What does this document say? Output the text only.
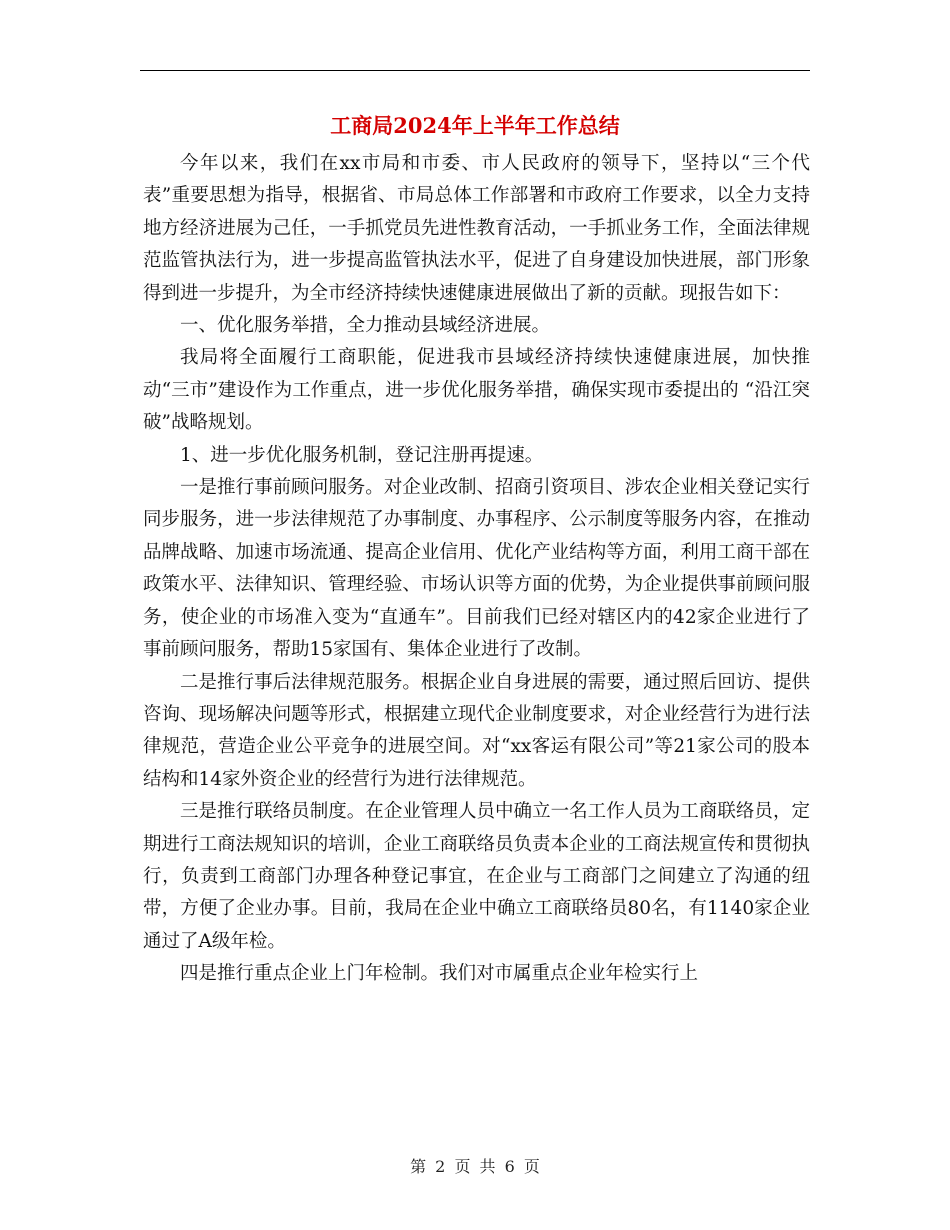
工商局2024年上半年工作总结

今年以来，我们在xx市局和市委、市人民政府的领导下，坚持以“三个代表”重要思想为指导，根据省、市局总体工作部署和市政府工作要求，以全力支持地方经济进展为己任，一手抓党员先进性教育活动，一手抓业务工作，全面法律规范监管执法行为，进一步提高监管执法水平，促进了自身建设加快进展，部门形象得到进一步提升，为全市经济持续快速健康进展做出了新的贡献。现报告如下：

一、优化服务举措，全力推动县域经济进展。

我局将全面履行工商职能，促进我市县域经济持续快速健康进展，加快推动“三市”建设作为工作重点，进一步优化服务举措，确保实现市委提出的 “沿江突破”战略规划。

1、进一步优化服务机制，登记注册再提速。

一是推行事前顾问服务。对企业改制、招商引资项目、涉农企业相关登记实行同步服务，进一步法律规范了办事制度、办事程序、公示制度等服务内容，在推动品牌战略、加速市场流通、提高企业信用、优化产业结构等方面，利用工商干部在政策水平、法律知识、管理经验、市场认识等方面的优势，为企业提供事前顾问服务，使企业的市场准入变为“直通车”。目前我们已经对辖区内的42家企业进行了事前顾问服务，帮助15家国有、集体企业进行了改制。

二是推行事后法律规范服务。根据企业自身进展的需要，通过照后回访、提供咨询、现场解决问题等形式，根据建立现代企业制度要求，对企业经营行为进行法律规范，营造企业公平竞争的进展空间。对“xx客运有限公司”等21家公司的股本结构和14家外资企业的经营行为进行法律规范。

三是推行联络员制度。在企业管理人员中确立一名工作人员为工商联络员，定期进行工商法规知识的培训，企业工商联络员负责本企业的工商法规宣传和贯彻执行，负责到工商部门办理各种登记事宜，在企业与工商部门之间建立了沟通的纽带，方便了企业办事。目前，我局在企业中确立工商联络员80名，有1140家企业通过了A级年检。

四是推行重点企业上门年检制。我们对市属重点企业年检实行上

第 2 页 共 6 页
